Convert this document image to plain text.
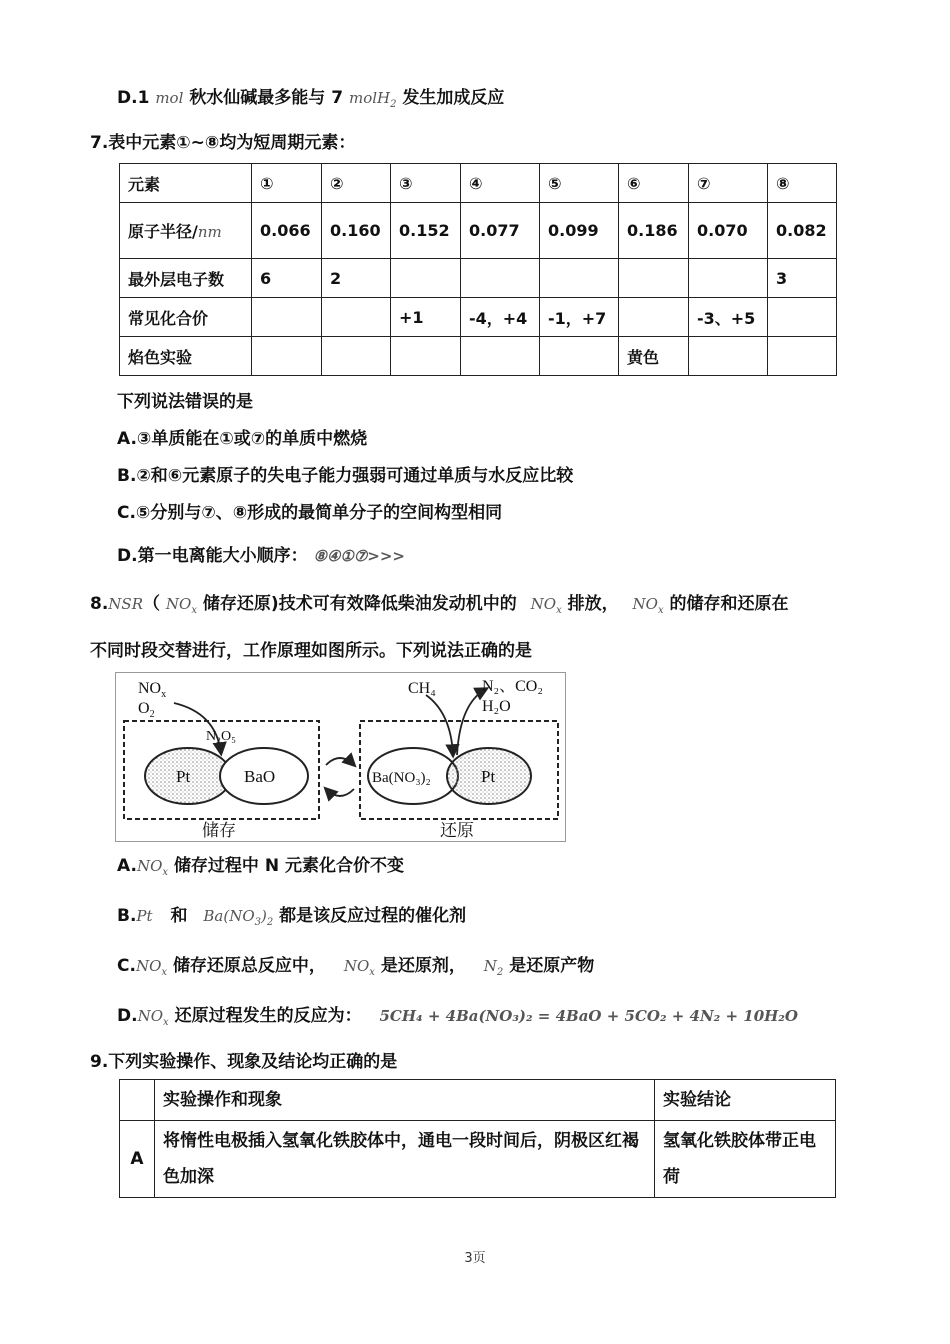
D.1 mol 秋水仙碱最多能与 7 molH$_2$ 发生加成反应
7.表中元素①~⑧均为短周期元素：
元素	①	②	③	④	⑤	⑥	⑦	⑧
原子半径/nm	0.066	0.160	0.152	0.077	0.099	0.186	0.070	0.082
最外层电子数	6	2						3
常见化合价			+1	-4，+4	-1，+7		-3、+5	
焰色实验						黄色		
下列说法错误的是
A.③单质能在①或⑦的单质中燃烧
B.②和⑥元素原子的失电子能力强弱可通过单质与水反应比较
C.⑤分别与⑦、⑧形成的最简单分子的空间构型相同
D.第一电离能大小顺序： ⑧④①⑦>>>
8.NSR（ $NO_x$ 储存还原)技术可有效降低柴油发动机中的 $NO_x$ 排放， $NO_x$ 的储存和还原在
不同时段交替进行，工作原理如图所示。下列说法正确的是
$NO_x$
$O_2$
N₂O₅
Pt	BaO
CH₄	N₂、CO₂
H₂O
Ba(NO₃)₂	Pt
储存	还原
$A.NO_x$ 储存过程中 N 元素化合价不变
B.Pt 和 $Ba(NO_3)_2$ 都是该反应过程的催化剂
$C.NO_x$ 储存还原总反应中， $NO_x$ 是还原剂， $N_2$ 是还原产物
$D.NO_x$ 还原过程发生的反应为： 5CH₄ + 4Ba(NO₃)₂ = 4BaO + 5CO₂ + 4N₂ + 10H₂O
9.下列实验操作、现象及结论均正确的是
	实验操作和现象	实验结论
A	将惰性电极插入氢氧化铁胶体中，通电一段时间后，阴极区红褐色加深	氢氧化铁胶体带正电荷
3页
